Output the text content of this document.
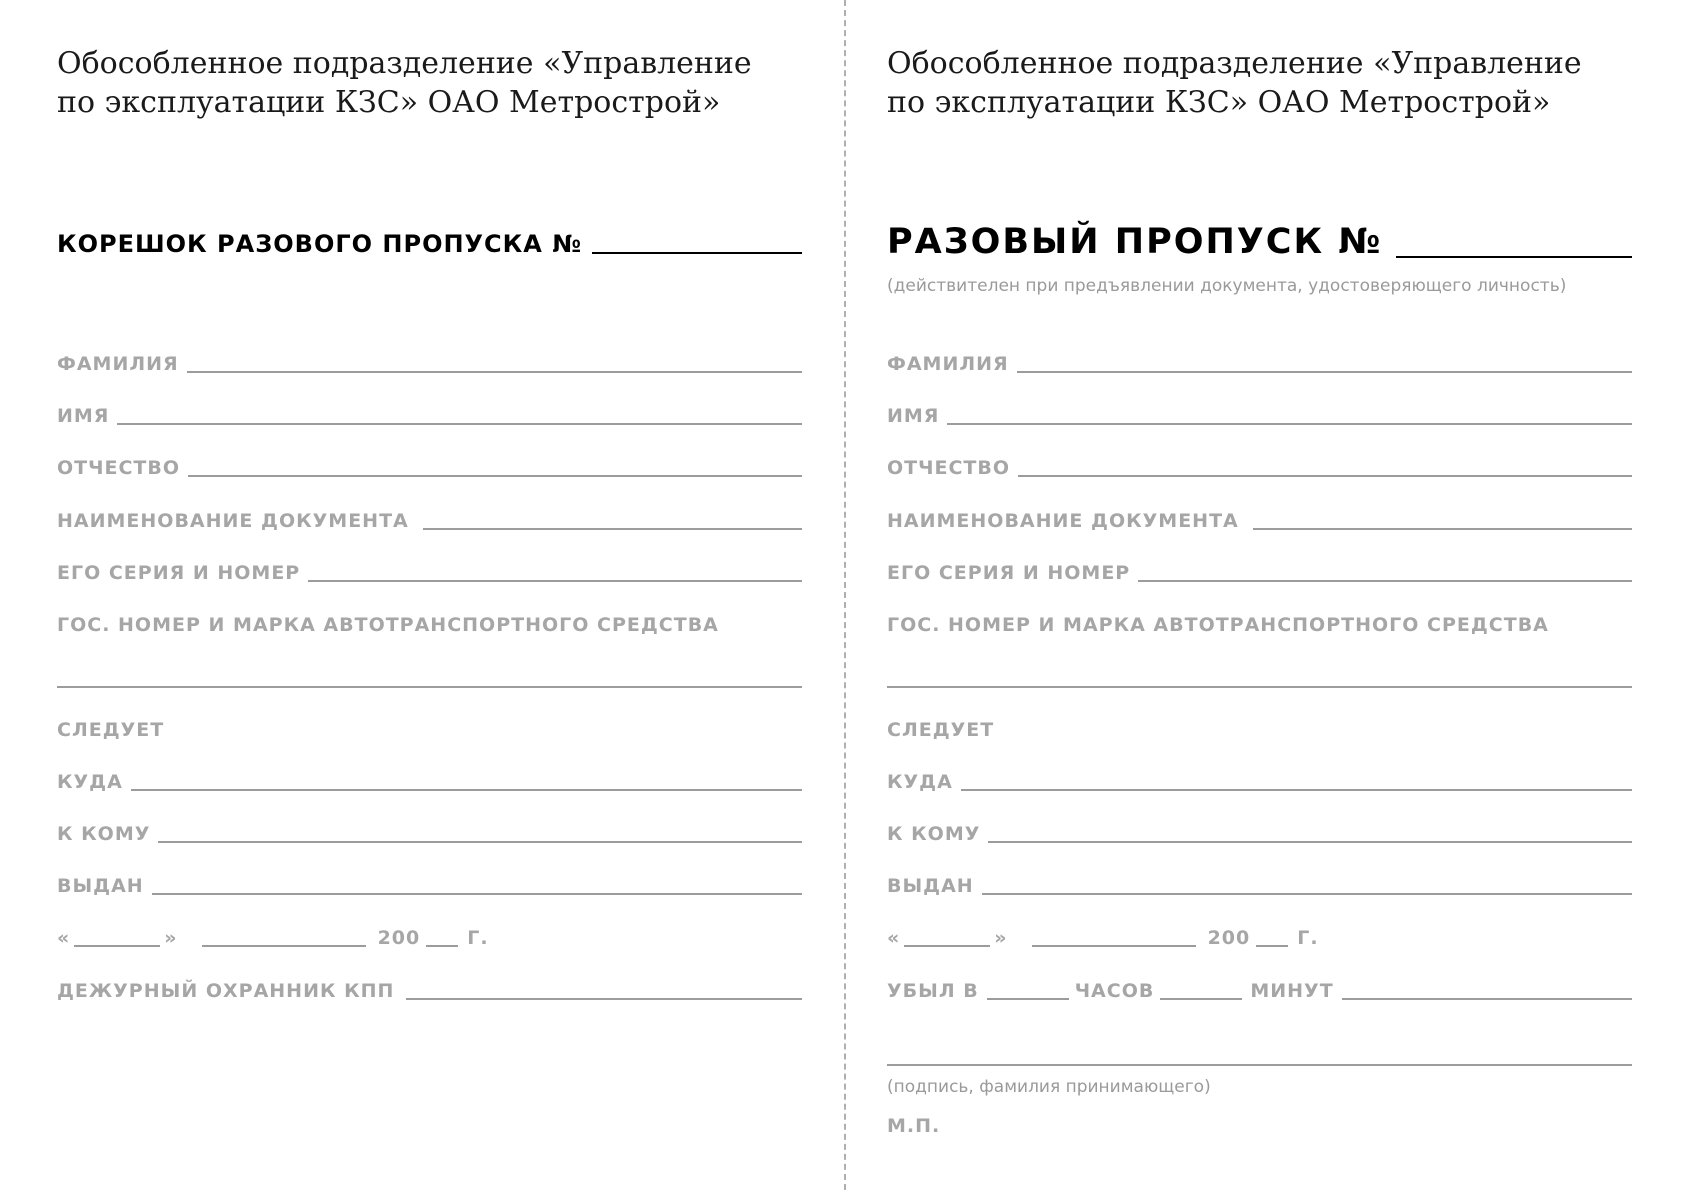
Обособленное подразделение «Управление
по эксплуатации КЗС» ОАО Метрострой»
КОРЕШОК РАЗОВОГО ПРОПУСКА №
ФАМИЛИЯ
ИМЯ
ОТЧЕСТВО
НАИМЕНОВАНИЕ ДОКУМЕНТА
ЕГО СЕРИЯ И НОМЕР
ГОС. НОМЕР И МАРКА АВТОТРАНСПОРТНОГО СРЕДСТВА
СЛЕДУЕТ
КУДА
К КОМУ
ВЫДАН
«	»	200 Г.
ДЕЖУРНЫЙ ОХРАННИК КПП
Обособленное подразделение «Управление
по эксплуатации КЗС» ОАО Метрострой»
РАЗОВЫЙ ПРОПУСК №
(действителен при предъявлении документа, удостоверяющего личность)
ФАМИЛИЯ
ИМЯ
ОТЧЕСТВО
НАИМЕНОВАНИЕ ДОКУМЕНТА
ЕГО СЕРИЯ И НОМЕР
ГОС. НОМЕР И МАРКА АВТОТРАНСПОРТНОГО СРЕДСТВА
СЛЕДУЕТ
КУДА
К КОМУ
ВЫДАН
«	»	200 Г.
УБЫЛ В	ЧАСОВ	МИНУТ
(подпись, фамилия принимающего)
М.П.
